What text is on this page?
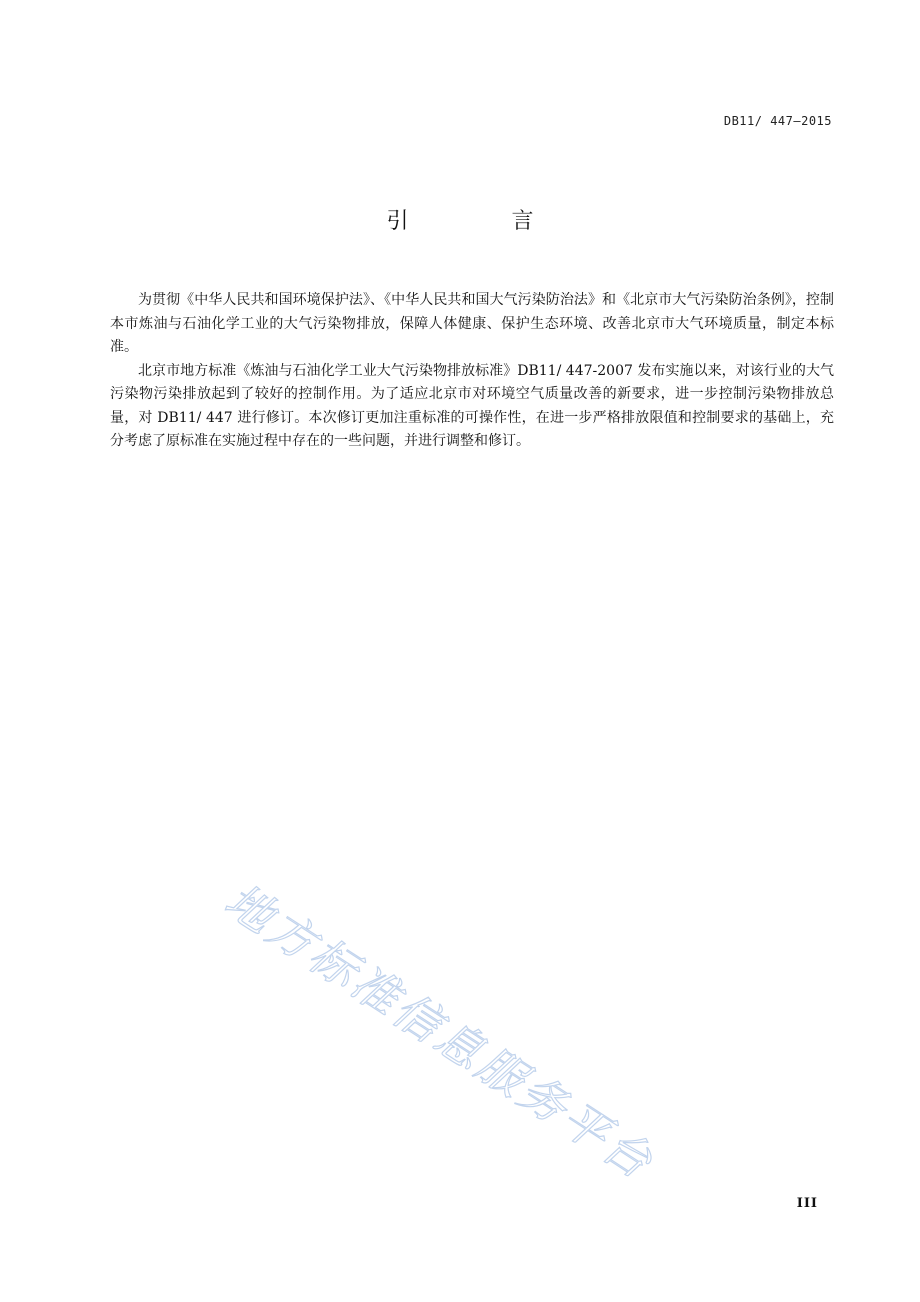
DB11/ 447—2015
引 言

为贯彻《中华人民共和国环境保护法》、《中华人民共和国大气污染防治法》和《北京市大气污染防治条例》，控制本市炼油与石油化学工业的大气污染物排放，保障人体健康、保护生态环境、改善北京市大气环境质量，制定本标准。

北京市地方标准《炼油与石油化学工业大气污染物排放标准》DB11/ 447-2007 发布实施以来，对该行业的大气污染物污染排放起到了较好的控制作用。为了适应北京市对环境空气质量改善的新要求，进一步控制污染物排放总量，对 DB11/ 447 进行修订。本次修订更加注重标准的可操作性，在进一步严格排放限值和控制要求的基础上，充分考虑了原标准在实施过程中存在的一些问题，并进行调整和修订。

地方标准信息服务平台
III
